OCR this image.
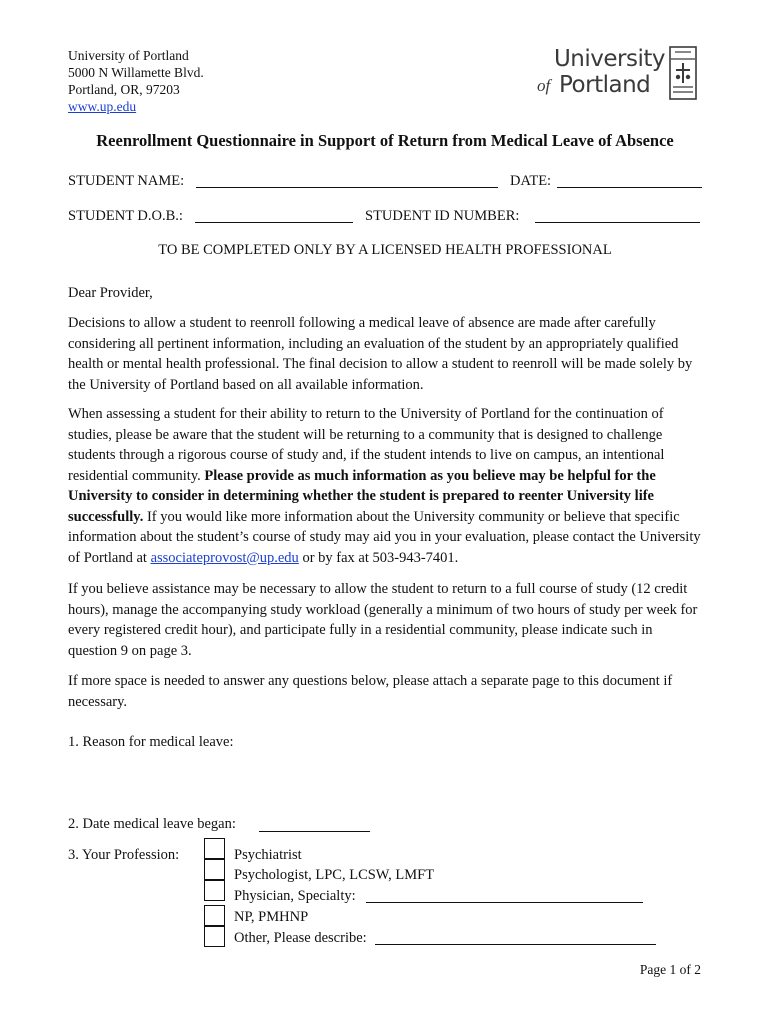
University of Portland
5000 N Willamette Blvd.
Portland, OR, 97203
www.up.edu
University
of Portland
Reenrollment Questionnaire in Support of Return from Medical Leave of Absence
STUDENT NAME:	DATE:
STUDENT D.O.B.:	STUDENT ID NUMBER:
TO BE COMPLETED ONLY BY A LICENSED HEALTH PROFESSIONAL
Dear Provider,
Decisions to allow a student to reenroll following a medical leave of absence are made after carefully considering all pertinent information, including an evaluation of the student by an appropriately qualified health or mental health professional. The final decision to allow a student to reenroll will be made solely by the University of Portland based on all available information.
When assessing a student for their ability to return to the University of Portland for the continuation of studies, please be aware that the student will be returning to a community that is designed to challenge students through a rigorous course of study and, if the student intends to live on campus, an intentional residential community. Please provide as much information as you believe may be helpful for the University to consider in determining whether the student is prepared to reenter University life successfully. If you would like more information about the University community or believe that specific information about the student’s course of study may aid you in your evaluation, please contact the University of Portland at associateprovost@up.edu or by fax at 503-943-7401.
If you believe assistance may be necessary to allow the student to return to a full course of study (12 credit hours), manage the accompanying study workload (generally a minimum of two hours of study per week for every registered credit hour), and participate fully in a residential community, please indicate such in question 9 on page 3.
If more space is needed to answer any questions below, please attach a separate page to this document if necessary.
1. Reason for medical leave:
2. Date medical leave began:
3. Your Profession:	Psychiatrist
Psychologist, LPC, LCSW, LMFT
Physician, Specialty:
NP, PMHNP
Other, Please describe:
Page 1 of 2
